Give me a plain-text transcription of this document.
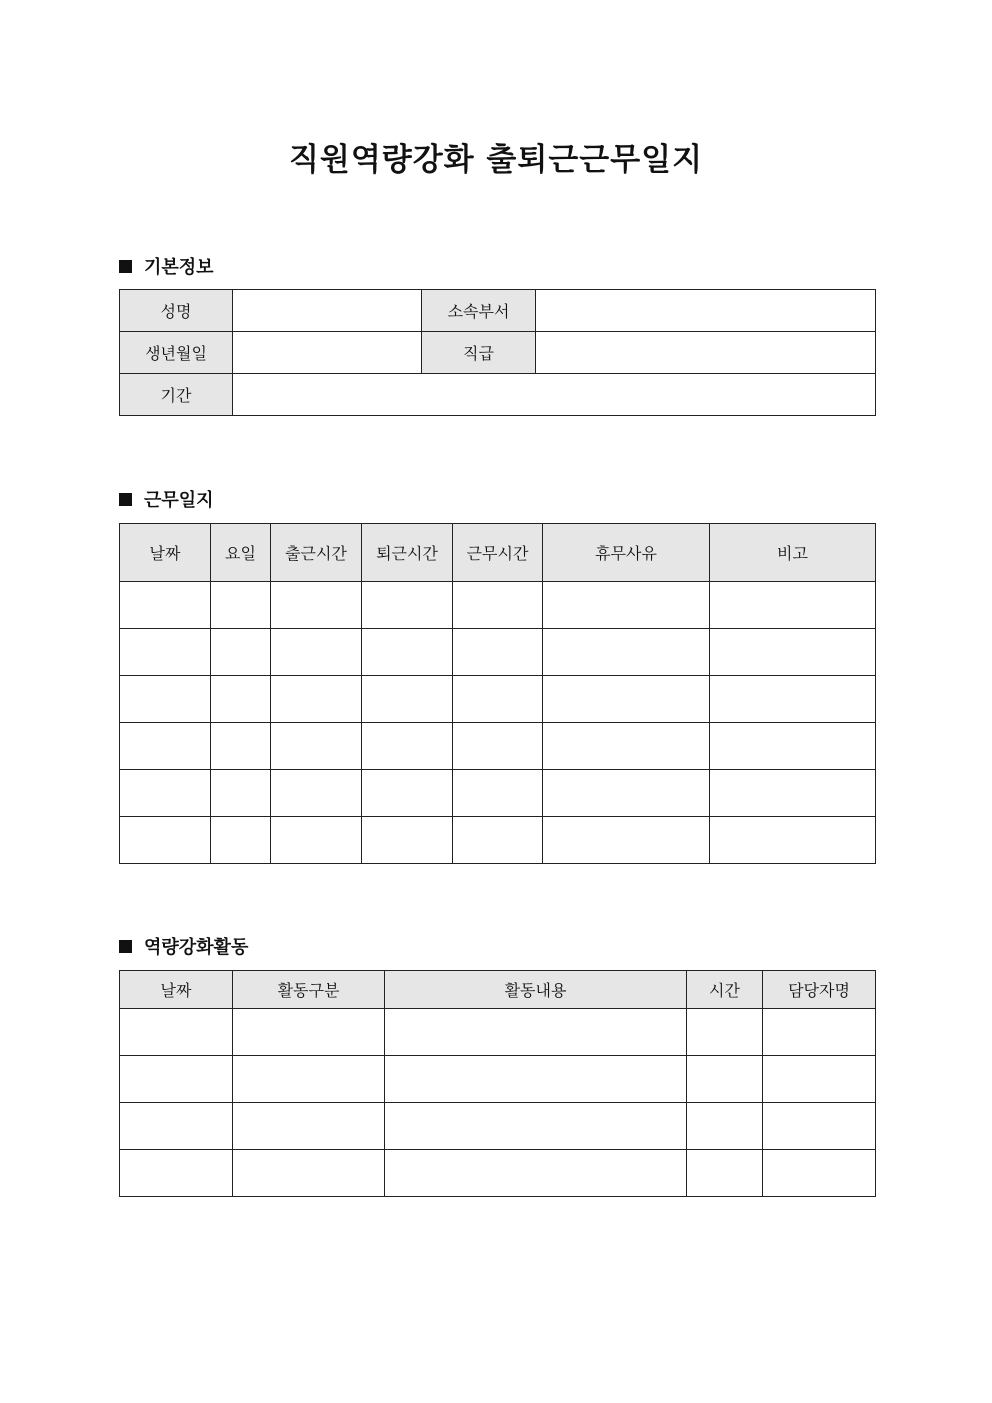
직원역량강화 출퇴근근무일지
기본정보
성명		소속부서	
생년월일		직급	
기간			
근무일지
날짜	요일	출근시간	퇴근시간	근무시간	휴무사유	비고

역량강화활동
날짜	활동구분	활동내용	시간	담당자명
